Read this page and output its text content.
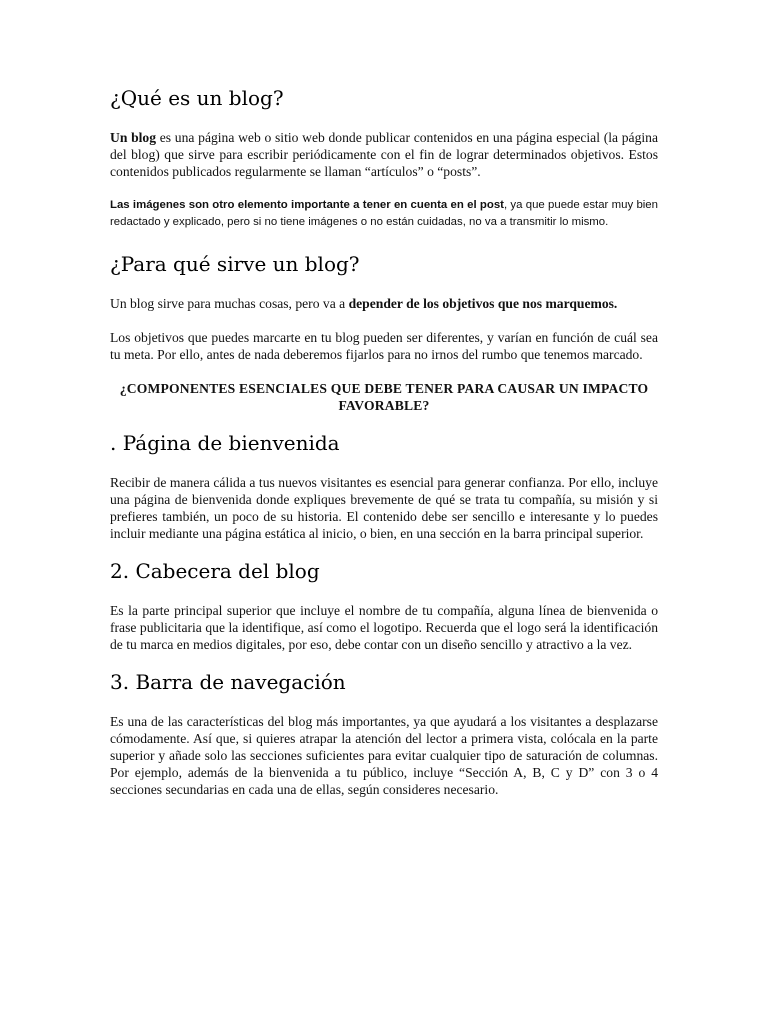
¿Qué es un blog?

Un blog es una página web o sitio web donde publicar contenidos en una página especial (la página del blog) que sirve para escribir periódicamente con el fin de lograr determinados objetivos. Estos contenidos publicados regularmente se llaman “artículos” o “posts”.

Las imágenes son otro elemento importante a tener en cuenta en el post, ya que puede estar muy bien redactado y explicado, pero si no tiene imágenes o no están cuidadas, no va a transmitir lo mismo.

¿Para qué sirve un blog?

Un blog sirve para muchas cosas, pero va a depender de los objetivos que nos marquemos.

Los objetivos que puedes marcarte en tu blog pueden ser diferentes, y varían en función de cuál sea tu meta. Por ello, antes de nada deberemos fijarlos para no irnos del rumbo que tenemos marcado.

¿COMPONENTES ESENCIALES QUE DEBE TENER PARA CAUSAR UN IMPACTO FAVORABLE?

. Página de bienvenida

Recibir de manera cálida a tus nuevos visitantes es esencial para generar confianza. Por ello, incluye una página de bienvenida donde expliques brevemente de qué se trata tu compañía, su misión y si prefieres también, un poco de su historia. El contenido debe ser sencillo e interesante y lo puedes incluir mediante una página estática al inicio, o bien, en una sección en la barra principal superior.

2. Cabecera del blog

Es la parte principal superior que incluye el nombre de tu compañía, alguna línea de bienvenida o frase publicitaria que la identifique, así como el logotipo. Recuerda que el logo será la identificación de tu marca en medios digitales, por eso, debe contar con un diseño sencillo y atractivo a la vez.

3. Barra de navegación

Es una de las características del blog más importantes, ya que ayudará a los visitantes a desplazarse cómodamente. Así que, si quieres atrapar la atención del lector a primera vista, colócala en la parte superior y añade solo las secciones suficientes para evitar cualquier tipo de saturación de columnas. Por ejemplo, además de la bienvenida a tu público, incluye “Sección A, B, C y D” con 3 o 4 secciones secundarias en cada una de ellas, según consideres necesario.
